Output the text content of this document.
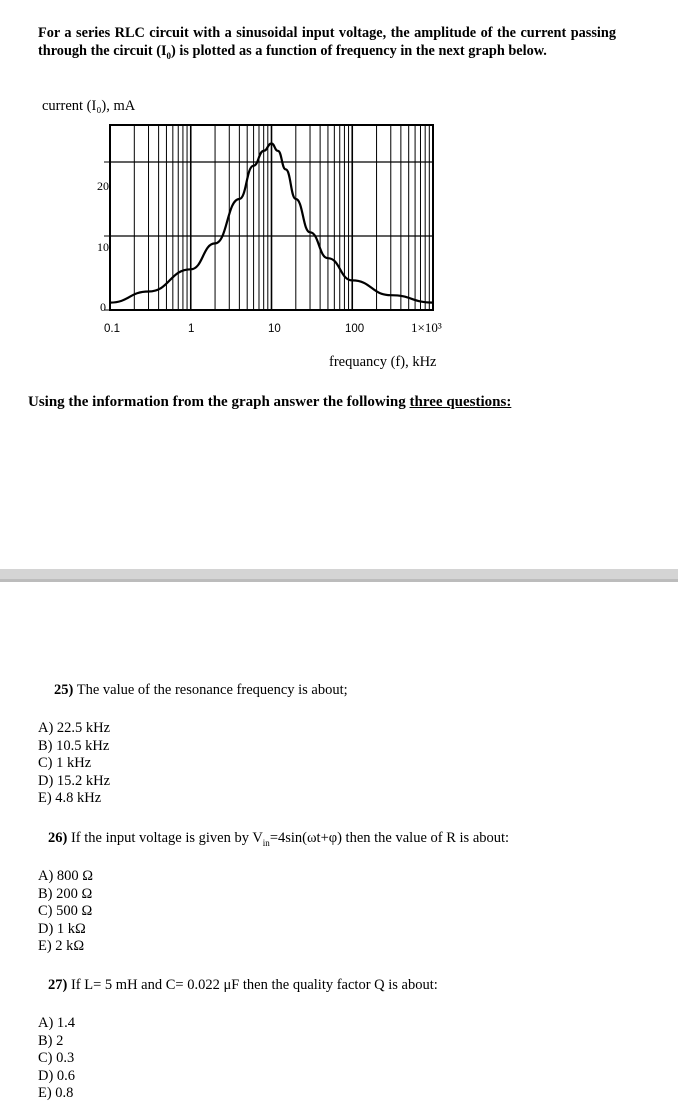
For a series RLC circuit with a sinusoidal input voltage, the amplitude of the current passing through the circuit $(I_0)$ is plotted as a function of frequency in the next graph below.
current (I₀), mA
20
10
0
0.1	1	10	100	1×10³
frequancy (f), kHz
Using the information from the graph answer the following three questions:
25) The value of the resonance frequency is about;
A) 22.5 kHz
B) 10.5 kHz
C) 1 kHz
D) 15.2 kHz
E) 4.8 kHz
26) If the input voltage is given by $V_{in}=4\sin(\omega t+\varphi)$ then the value of R is about:
A) 800 Ω
B) 200 Ω
C) 500 Ω
D) 1 kΩ
E) 2 kΩ
27) If L= 5 mH and C= 0.022 μF then the quality factor Q is about:
A) 1.4
B) 2
C) 0.3
D) 0.6
E) 0.8
